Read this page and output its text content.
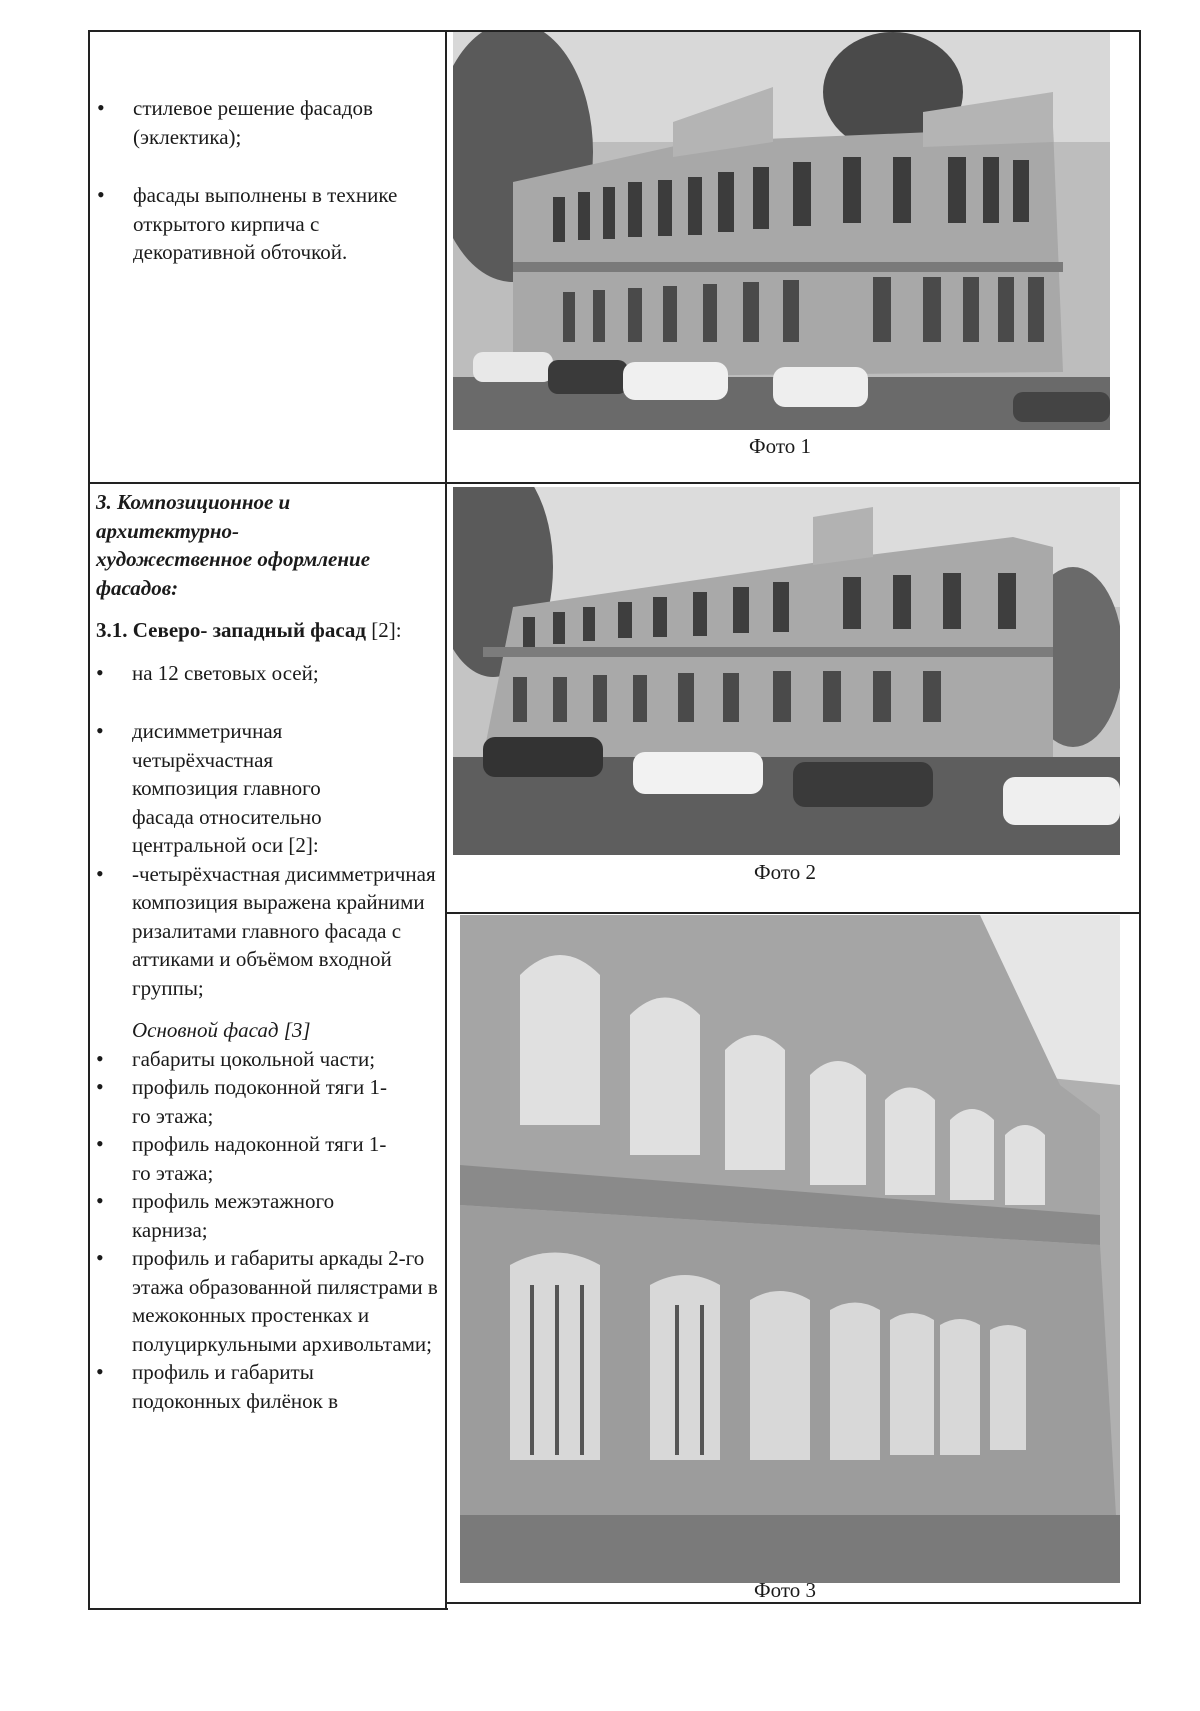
• стилевое решение фасадов (эклектика);
• фасады выполнены в технике открытого кирпича с декоративной обточкой.
3. Композиционное и архитектурно-художественное оформление фасадов:
3.1. Северо- западный фасад [2]:
• на 12 световых осей;
• дисимметричная четырёхчастная композиция главного фасада относительно центральной оси [2]:
• -четырёхчастная дисимметричная композиция выражена крайними ризалитами главного фасада с аттиками и объёмом входной группы;
Основной фасад [3]
• габариты цокольной части;
• профиль подоконной тяги 1-го этажа;
• профиль надоконной тяги 1-го этажа;
• профиль межэтажного карниза;
• профиль и габариты аркады 2-го этажа образованной пилястрами в межоконных простенках и полуциркульными архивольтами;
• профиль и габариты подоконных филёнок в
Фото 1
Фото 2
Фото 3
